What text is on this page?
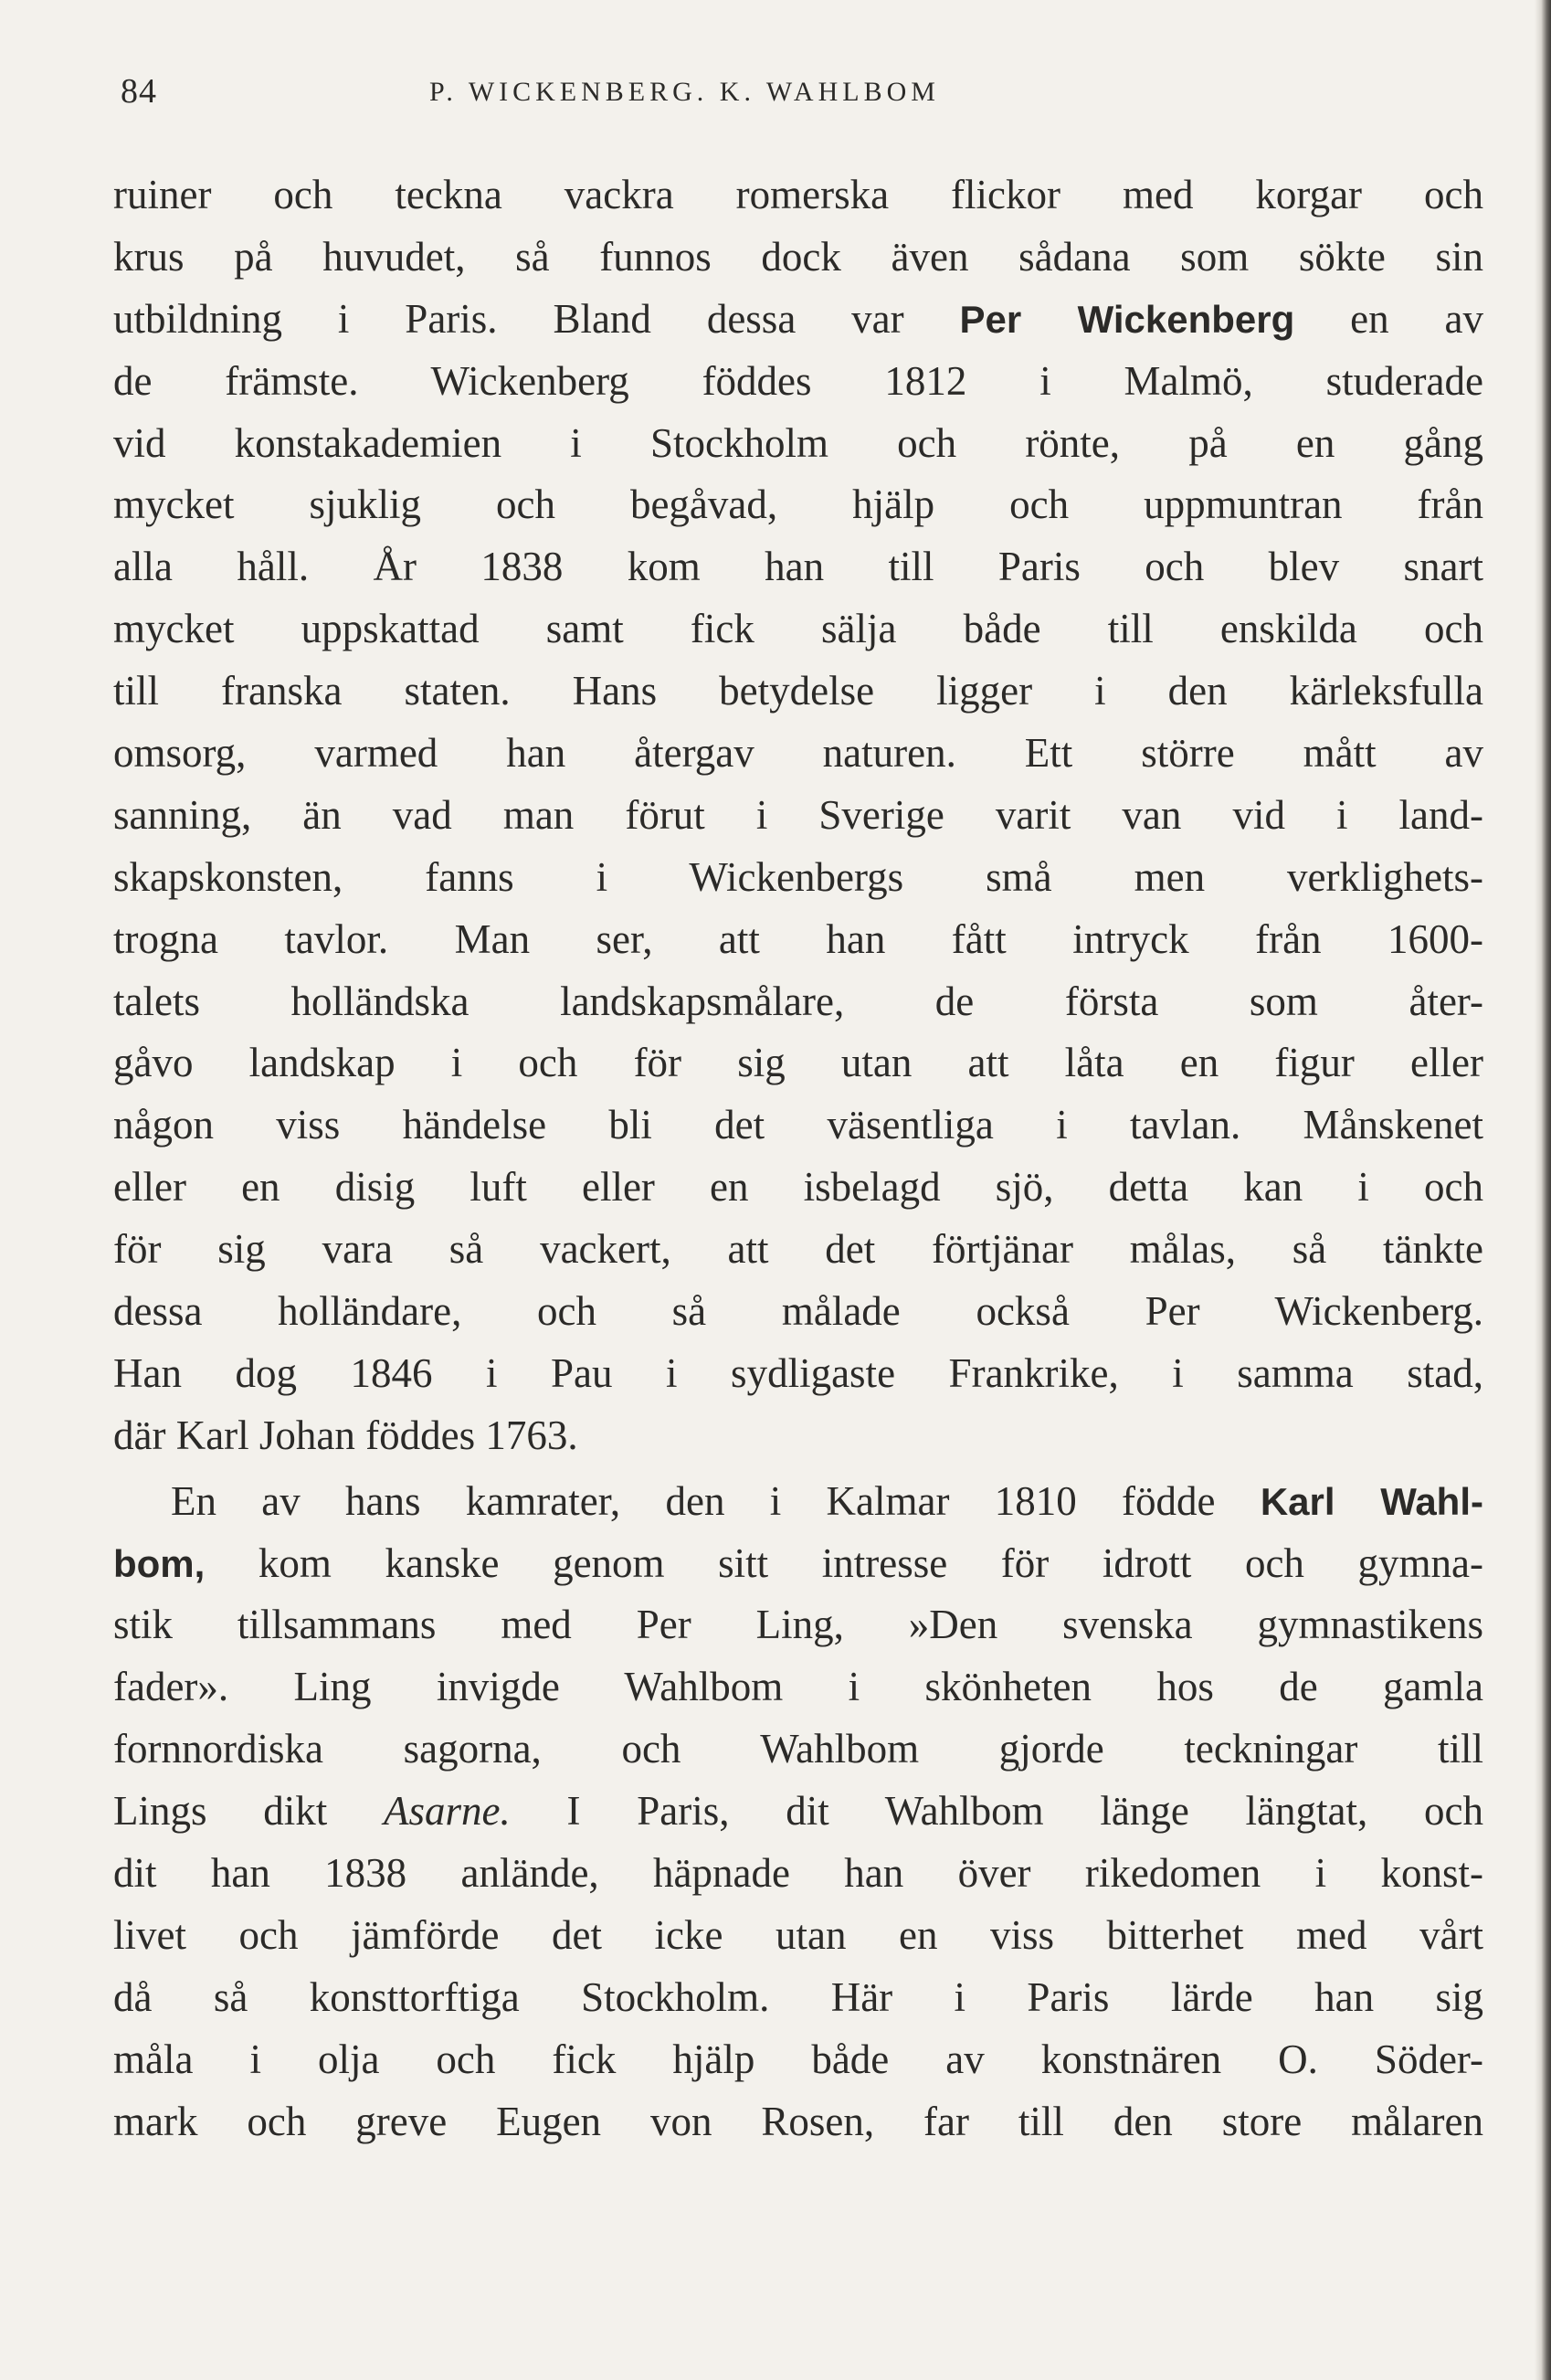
84	P. WICKENBERG. K. WAHLBOM
ruiner och teckna vackra romerska flickor med korgar och
krus på huvudet, så funnos dock även sådana som sökte sin
utbildning i Paris. Bland dessa var Per Wickenberg en av
de främste. Wickenberg föddes 1812 i Malmö, studerade
vid konstakademien i Stockholm och rönte, på en gång
mycket sjuklig och begåvad, hjälp och uppmuntran från
alla håll. År 1838 kom han till Paris och blev snart
mycket uppskattad samt fick sälja både till enskilda och
till franska staten. Hans betydelse ligger i den kärleksfulla
omsorg, varmed han återgav naturen. Ett större mått av
sanning, än vad man förut i Sverige varit van vid i land-
skapskonsten, fanns i Wickenbergs små men verklighets-
trogna tavlor. Man ser, att han fått intryck från 1600-
talets holländska landskapsmålare, de första som åter-
gåvo landskap i och för sig utan att låta en figur eller
någon viss händelse bli det väsentliga i tavlan. Månskenet
eller en disig luft eller en isbelagd sjö, detta kan i och
för sig vara så vackert, att det förtjänar målas, så tänkte
dessa holländare, och så målade också Per Wickenberg.
Han dog 1846 i Pau i sydligaste Frankrike, i samma stad,
där Karl Johan föddes 1763.
En av hans kamrater, den i Kalmar 1810 födde Karl Wahl-
bom, kom kanske genom sitt intresse för idrott och gymna-
stik tillsammans med Per Ling, »Den svenska gymnastikens
fader». Ling invigde Wahlbom i skönheten hos de gamla
fornnordiska sagorna, och Wahlbom gjorde teckningar till
Lings dikt Asarne. I Paris, dit Wahlbom länge längtat, och
dit han 1838 anlände, häpnade han över rikedomen i konst-
livet och jämförde det icke utan en viss bitterhet med vårt
då så konsttorftiga Stockholm. Här i Paris lärde han sig
måla i olja och fick hjälp både av konstnären O. Söder-
mark och greve Eugen von Rosen, far till den store målaren
